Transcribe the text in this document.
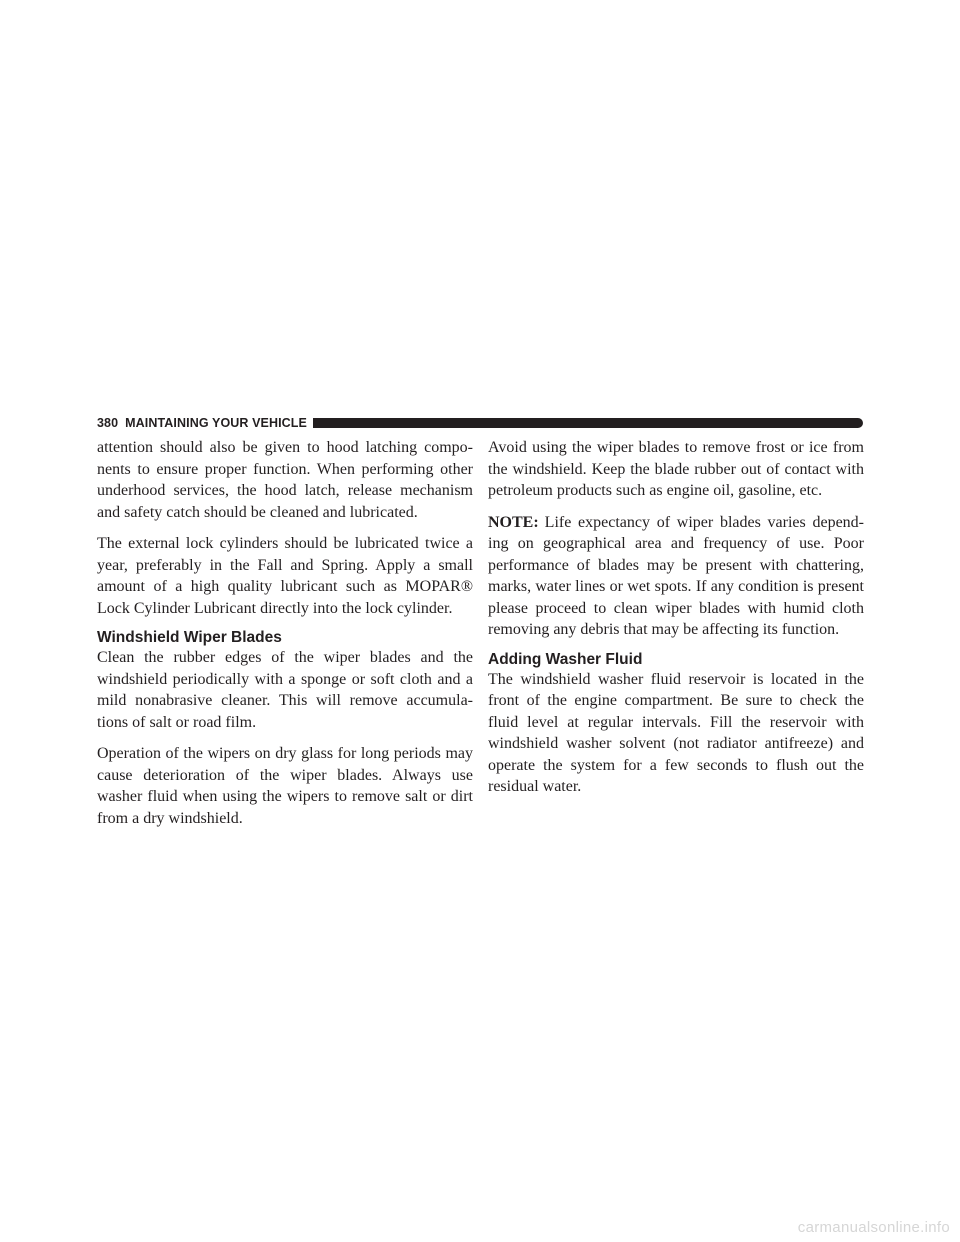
380 MAINTAINING YOUR VEHICLE

attention should also be given to hood latching compo-nents to ensure proper function. When performing other underhood services, the hood latch, release mechanism and safety catch should be cleaned and lubricated.

The external lock cylinders should be lubricated twice a year, preferably in the Fall and Spring. Apply a small amount of a high quality lubricant such as MOPAR® Lock Cylinder Lubricant directly into the lock cylinder.

Windshield Wiper Blades

Clean the rubber edges of the wiper blades and the windshield periodically with a sponge or soft cloth and a mild nonabrasive cleaner. This will remove accumula-tions of salt or road film.

Operation of the wipers on dry glass for long periods may cause deterioration of the wiper blades. Always use washer fluid when using the wipers to remove salt or dirt from a dry windshield.

Avoid using the wiper blades to remove frost or ice from the windshield. Keep the blade rubber out of contact with petroleum products such as engine oil, gasoline, etc.

NOTE: Life expectancy of wiper blades varies depend-ing on geographical area and frequency of use. Poor performance of blades may be present with chattering, marks, water lines or wet spots. If any condition is present please proceed to clean wiper blades with humid cloth removing any debris that may be affecting its function.

Adding Washer Fluid

The windshield washer fluid reservoir is located in the front of the engine compartment. Be sure to check the fluid level at regular intervals. Fill the reservoir with windshield washer solvent (not radiator antifreeze) and operate the system for a few seconds to flush out the residual water.

carmanualsonline.info
